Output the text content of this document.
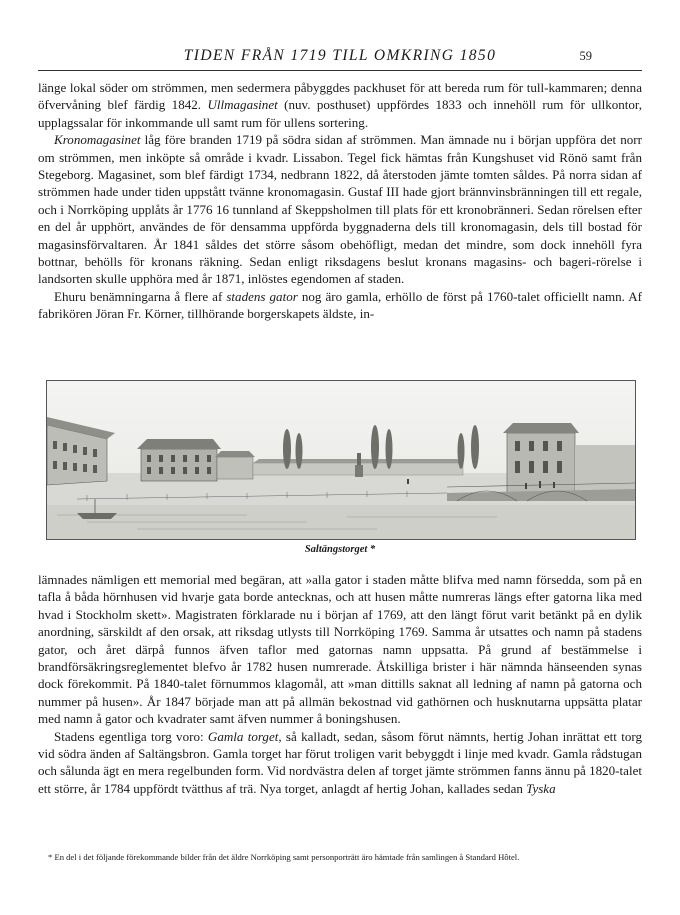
TIDEN FRÅN 1719 TILL OMKRING 1850	59

länge lokal söder om strömmen, men sedermera påbyggdes packhuset för att bereda rum för tull-kammaren; denna öfvervåning blef färdig 1842. Ullmagasinet (nuv. posthuset) uppfördes 1833 och innehöll rum för ullkontor, upplagssalar för inkommande ull samt rum för ullens sortering.

Kronomagasinet låg före branden 1719 på södra sidan af strömmen. Man ämnade nu i början uppföra det norr om strömmen, men inköpte så område i kvadr. Lissabon. Tegel fick hämtas från Kungshuset vid Rönö samt från Stegeborg. Magasinet, som blef färdigt 1734, nedbrann 1822, då återstoden jämte tomten såldes. På norra sidan af strömmen hade under tiden uppstått tvänne kronomagasin. Gustaf III hade gjort brännvinsbränningen till ett regale, och i Norrköping upplåts år 1776 16 tunnland af Skeppsholmen till plats för ett kronobränneri. Sedan rörelsen efter en del år upphört, användes de för densamma uppförda byggnaderna dels till kronomagasin, dels till bostad för magasinsförvaltaren. År 1841 såldes det större såsom obehöfligt, medan det mindre, som dock innehöll fyra bottnar, behölls för kronans räkning. Sedan enligt riksdagens beslut kronans magasins- och bageri-rörelse i landsorten skulle upphöra med år 1871, inlöstes egendomen af staden.

Ehuru benämningarna å flere af stadens gator nog äro gamla, erhöllo de först på 1760-talet officiellt namn. Af fabrikören Jöran Fr. Körner, tillhörande borgerskapets äldste, in-

Saltängstorget *

lämnades nämligen ett memorial med begäran, att »alla gator i staden måtte blifva med namn försedda, som på en tafla å båda hörnhusen vid hvarje gata borde antecknas, och att husen måtte numreras längs efter gatorna lika med hvad i Stockholm skett». Magistraten förklarade nu i början af 1769, att den längt förut varit betänkt på en dylik anordning, särskildt af den orsak, att riksdag utlysts till Norrköping 1769. Samma år utsattes och namn på stadens gator, och året därpå funnos äfven taflor med gatornas namn uppsatta. På grund af bestämmelse i brandförsäkringsreglementet blefvo år 1782 husen numrerade. Åtskilliga brister i här nämnda hänseenden synas dock förekommit. På 1840-talet förnummos klagomål, att »man dittills saknat all ledning af namn på gatorna och nummer på husen». År 1847 började man att på allmän bekostnad vid gathörnen och husknutarna uppsätta platar med namn å gator och kvadrater samt äfven nummer å boningshusen.

Stadens egentliga torg voro: Gamla torget, så kalladt, sedan, såsom förut nämnts, hertig Johan inrättat ett torg vid södra änden af Saltängsbron. Gamla torget har förut troligen varit bebyggdt i linje med kvadr. Gamla rådstugan och sålunda ägt en mera regelbunden form. Vid nordvästra delen af torget jämte strömmen fanns ännu på 1820-talet ett större, år 1784 uppfördt tvätthus af trä. Nya torget, anlagdt af hertig Johan, kallades sedan Tyska

* En del i det följande förekommande bilder från det äldre Norrköping samt personporträtt äro hämtade från samlingen å Standard Hôtel.
